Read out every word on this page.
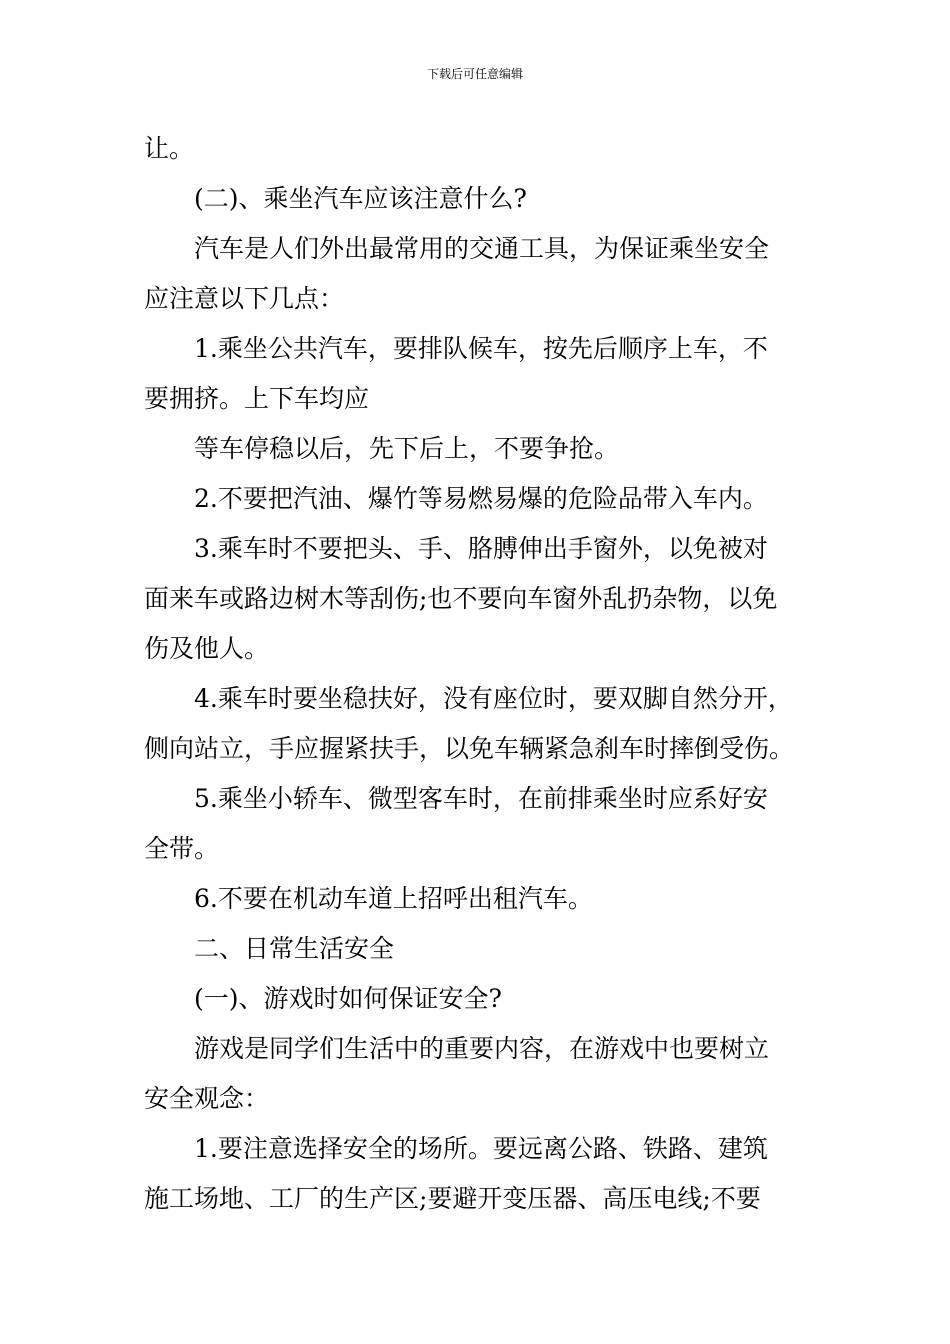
下载后可任意编辑
让。
(二)、乘坐汽车应该注意什么?
汽车是人们外出最常用的交通工具，为保证乘坐安全
应注意以下几点：
1.乘坐公共汽车，要排队候车，按先后顺序上车，不
要拥挤。上下车均应
等车停稳以后，先下后上，不要争抢。
2.不要把汽油、爆竹等易燃易爆的危险品带入车内。
3.乘车时不要把头、手、胳膊伸出手窗外，以免被对
面来车或路边树木等刮伤;也不要向车窗外乱扔杂物，以免
伤及他人。
4.乘车时要坐稳扶好，没有座位时，要双脚自然分开，
侧向站立，手应握紧扶手，以免车辆紧急刹车时摔倒受伤。
5.乘坐小轿车、微型客车时，在前排乘坐时应系好安
全带。
6.不要在机动车道上招呼出租汽车。
二、日常生活安全
(一)、游戏时如何保证安全?
游戏是同学们生活中的重要内容，在游戏中也要树立
安全观念：
1.要注意选择安全的场所。要远离公路、铁路、建筑
施工场地、工厂的生产区;要避开变压器、高压电线;不要
